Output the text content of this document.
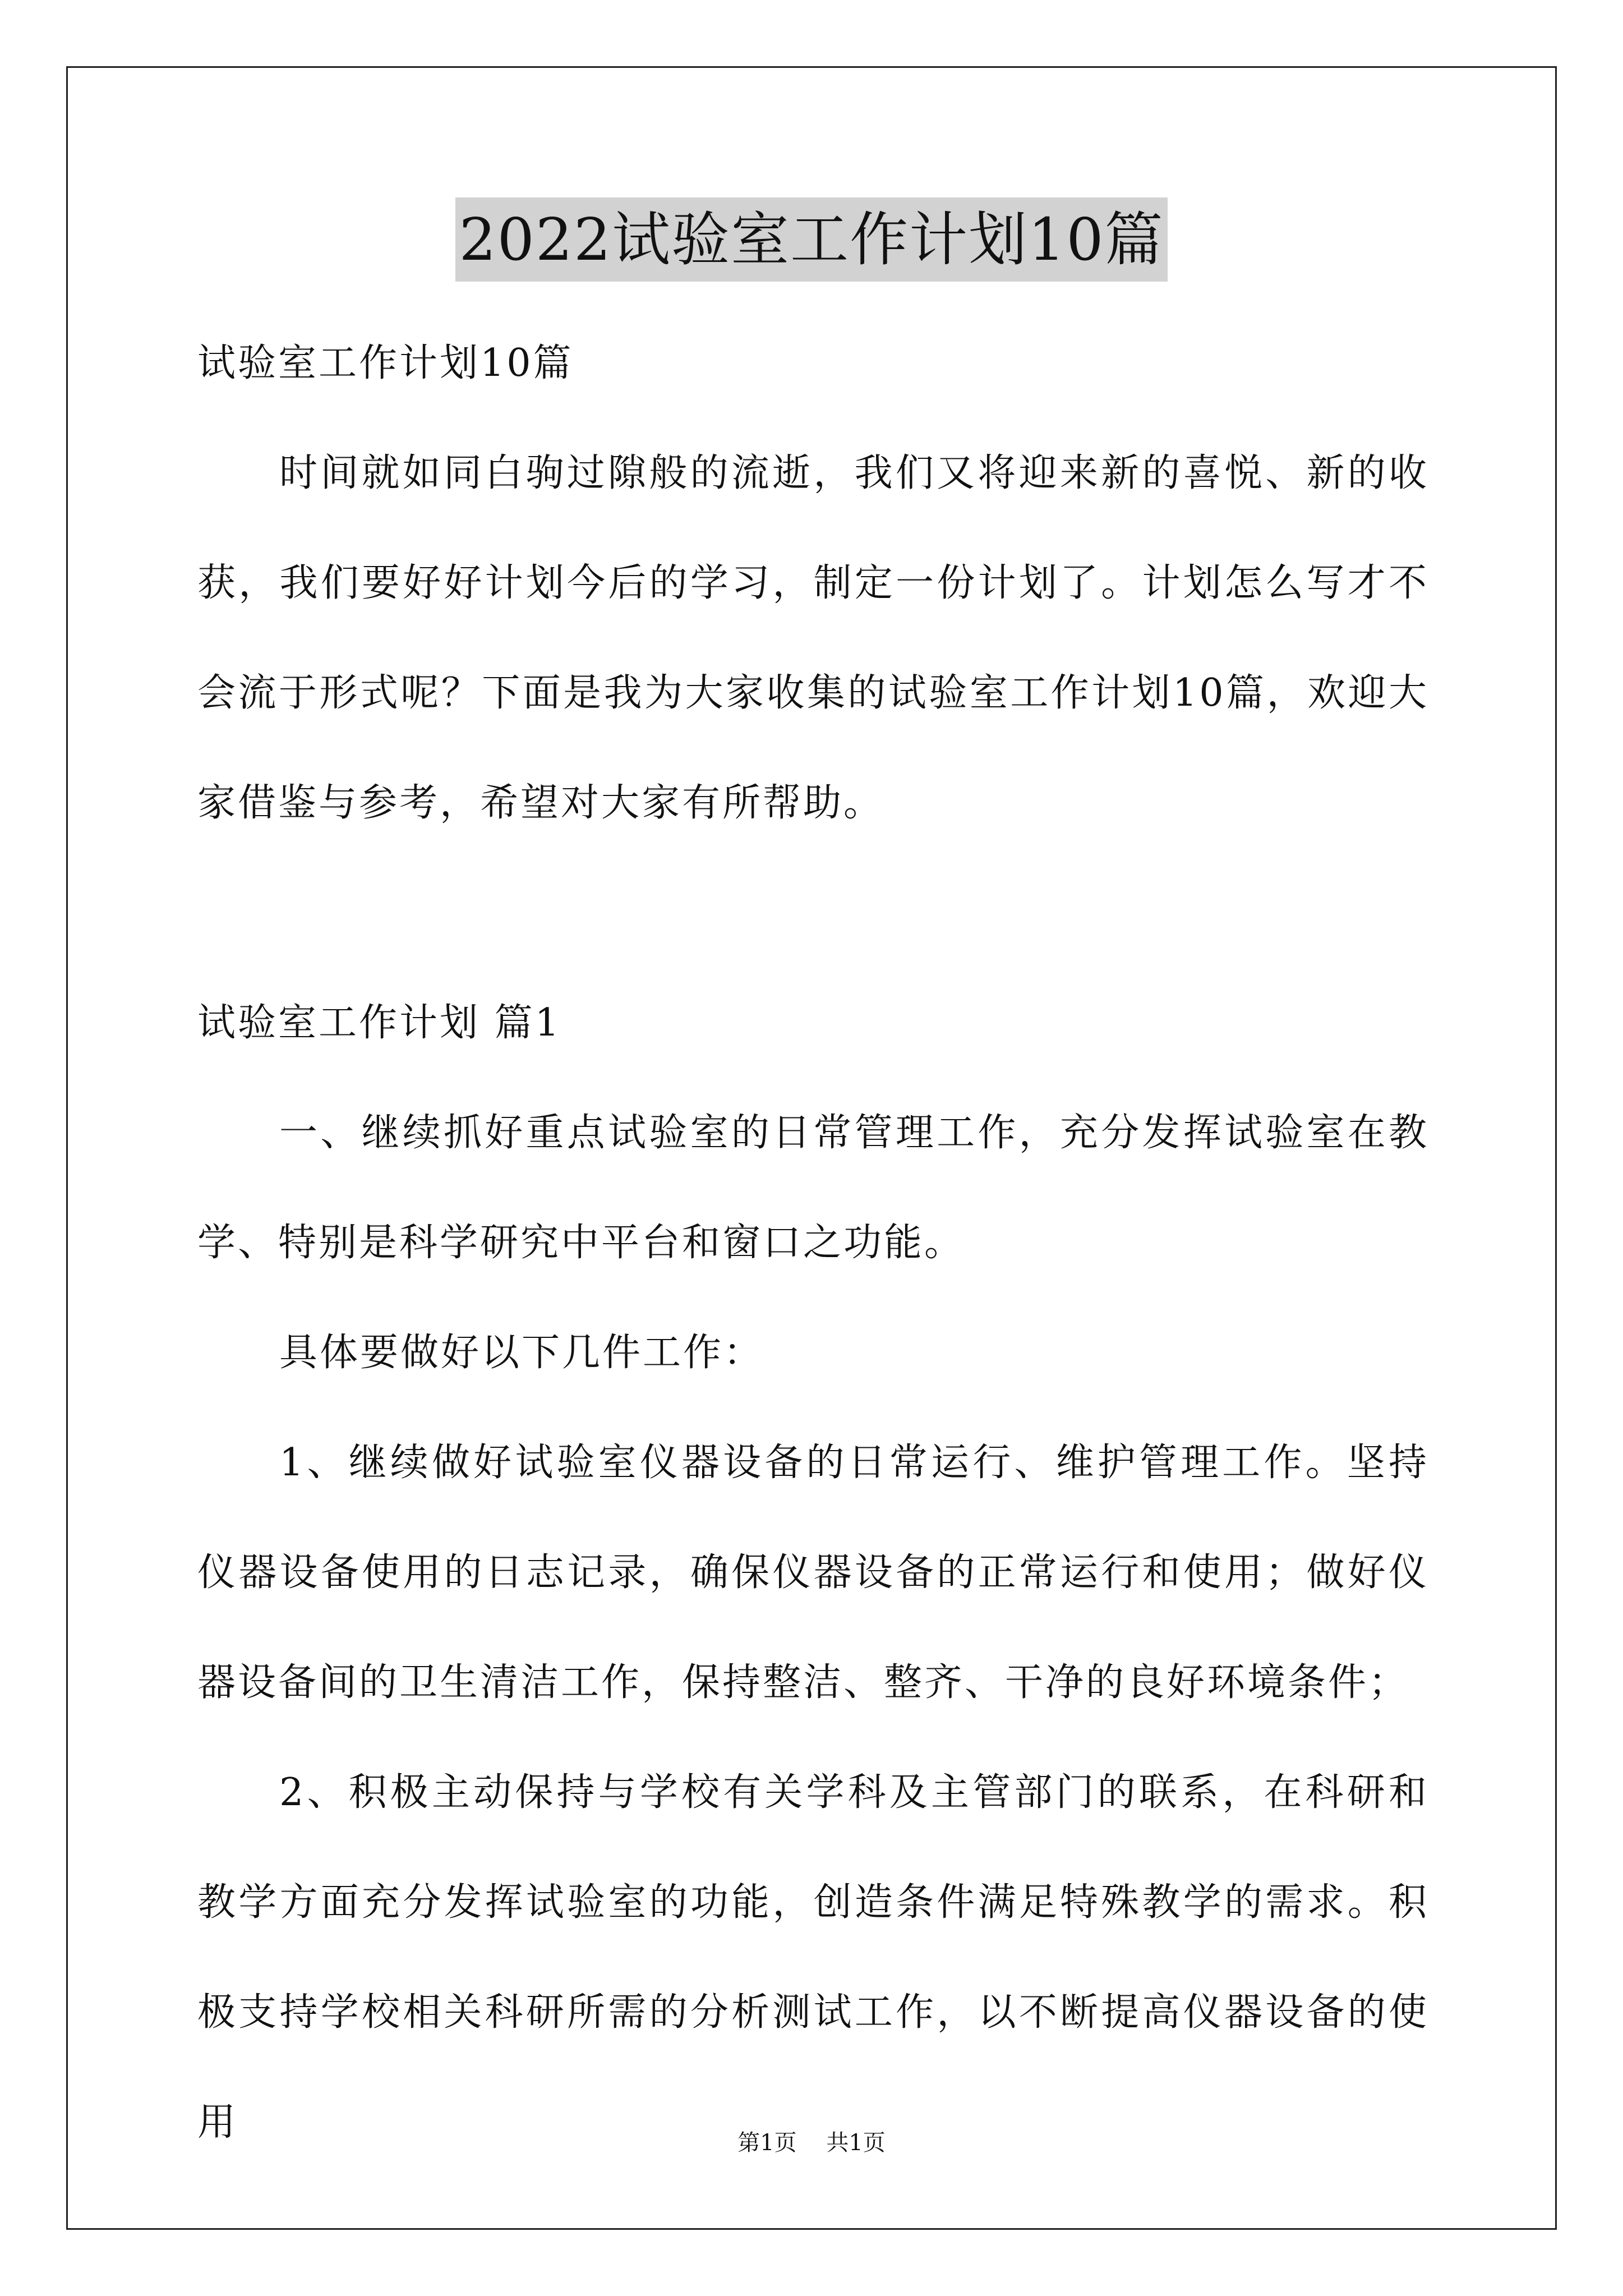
2022试验室工作计划10篇

试验室工作计划10篇

时间就如同白驹过隙般的流逝，我们又将迎来新的喜悦、新的收获，我们要好好计划今后的学习，制定一份计划了。计划怎么写才不会流于形式呢？下面是我为大家收集的试验室工作计划10篇，欢迎大家借鉴与参考，希望对大家有所帮助。

试验室工作计划 篇1

一、继续抓好重点试验室的日常管理工作，充分发挥试验室在教学、特别是科学研究中平台和窗口之功能。

具体要做好以下几件工作：

1、继续做好试验室仪器设备的日常运行、维护管理工作。坚持仪器设备使用的日志记录，确保仪器设备的正常运行和使用；做好仪器设备间的卫生清洁工作，保持整洁、整齐、干净的良好环境条件；

2、积极主动保持与学校有关学科及主管部门的联系，在科研和教学方面充分发挥试验室的功能，创造条件满足特殊教学的需求。积极支持学校相关科研所需的分析测试工作，以不断提高仪器设备的使用	第1页 共1页
